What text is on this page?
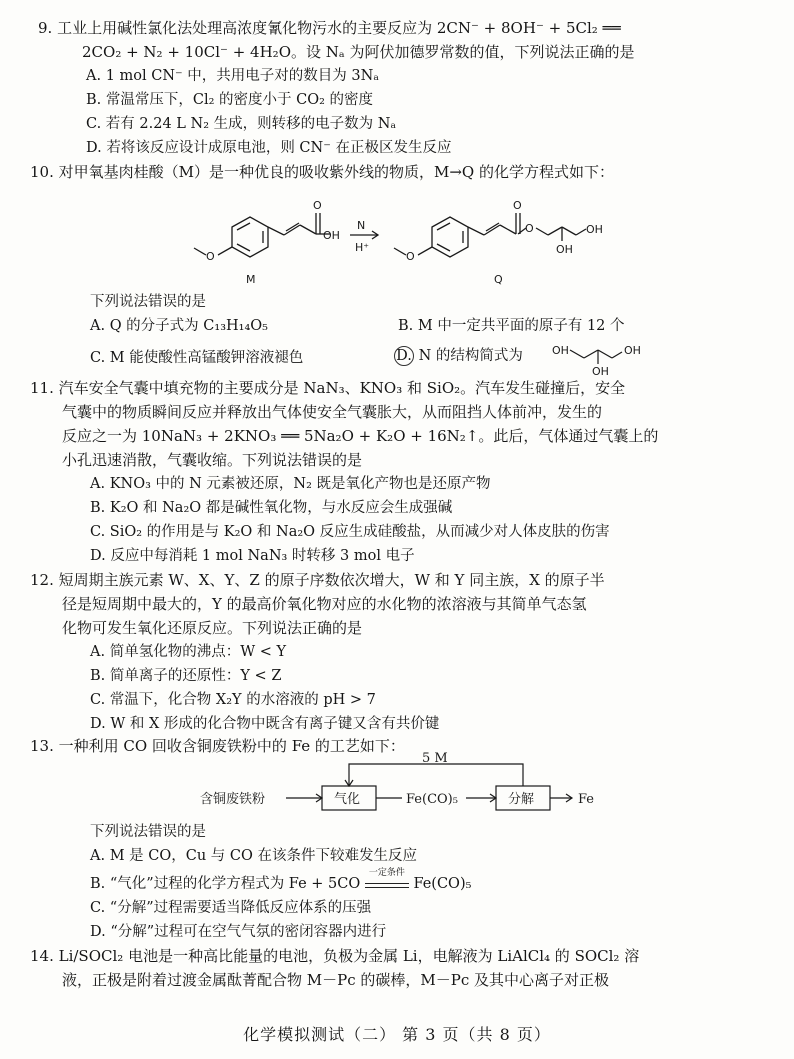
9. 工业上用碱性氯化法处理高浓度氰化物污水的主要反应为 2CN⁻ + 8OH⁻ + 5Cl₂ ══
2CO₂ + N₂ + 10Cl⁻ + 4H₂O。设 Nₐ 为阿伏加德罗常数的值，下列说法正确的是
A. 1 mol CN⁻ 中，共用电子对的数目为 3Nₐ
B. 常温常压下，Cl₂ 的密度小于 CO₂ 的密度
C. 若有 2.24 L N₂ 生成，则转移的电子数为 Nₐ
D. 若将该反应设计成原电池，则 CN⁻ 在正极区发生反应
10. 对甲氧基肉桂酸（M）是一种优良的吸收紫外线的物质，M→Q 的化学方程式如下：
O
OH
O
N
H⁺
O
O
O
OH
OH
M	Q
下列说法错误的是
A. Q 的分子式为 C₁₃H₁₄O₅	B. M 中一定共平面的原子有 12 个
C. M 能使酸性高锰酸钾溶液褪色	D. N 的结构简式为	OH
OH
OH
11. 汽车安全气囊中填充物的主要成分是 NaN₃、KNO₃ 和 SiO₂。汽车发生碰撞后，安全
气囊中的物质瞬间反应并释放出气体使安全气囊胀大，从而阻挡人体前冲，发生的
反应之一为 10NaN₃ + 2KNO₃ ══ 5Na₂O + K₂O + 16N₂↑。此后，气体通过气囊上的
小孔迅速消散，气囊收缩。下列说法错误的是
A. KNO₃ 中的 N 元素被还原，N₂ 既是氧化产物也是还原产物
B. K₂O 和 Na₂O 都是碱性氧化物，与水反应会生成强碱
C. SiO₂ 的作用是与 K₂O 和 Na₂O 反应生成硅酸盐，从而减少对人体皮肤的伤害
D. 反应中每消耗 1 mol NaN₃ 时转移 3 mol 电子
12. 短周期主族元素 W、X、Y、Z 的原子序数依次增大，W 和 Y 同主族，X 的原子半
径是短周期中最大的，Y 的最高价氧化物对应的水化物的浓溶液与其简单气态氢
化物可发生氧化还原反应。下列说法正确的是
A. 简单氢化物的沸点：W < Y
B. 简单离子的还原性：Y < Z
C. 常温下，化合物 X₂Y 的水溶液的 pH > 7
D. W 和 X 形成的化合物中既含有离子键又含有共价键
13. 一种利用 CO 回收含铜废铁粉中的 Fe 的工艺如下：
5 M
含铜废铁粉	气化	Fe(CO)₅	分解	Fe
下列说法错误的是
A. M 是 CO，Cu 与 CO 在该条件下较难发生反应
B. “气化”过程的化学方程式为 Fe + 5CO
一定条件
Fe(CO)₅
C. “分解”过程需要适当降低反应体系的压强
D. “分解”过程可在空气气氛的密闭容器内进行
14. Li/SOCl₂ 电池是一种高比能量的电池，负极为金属 Li，电解液为 LiAlCl₄ 的 SOCl₂ 溶
液，正极是附着过渡金属酞菁配合物 M－Pc 的碳棒，M－Pc 及其中心离子对正极
化学模拟测试（二） 第 3 页（共 8 页）
